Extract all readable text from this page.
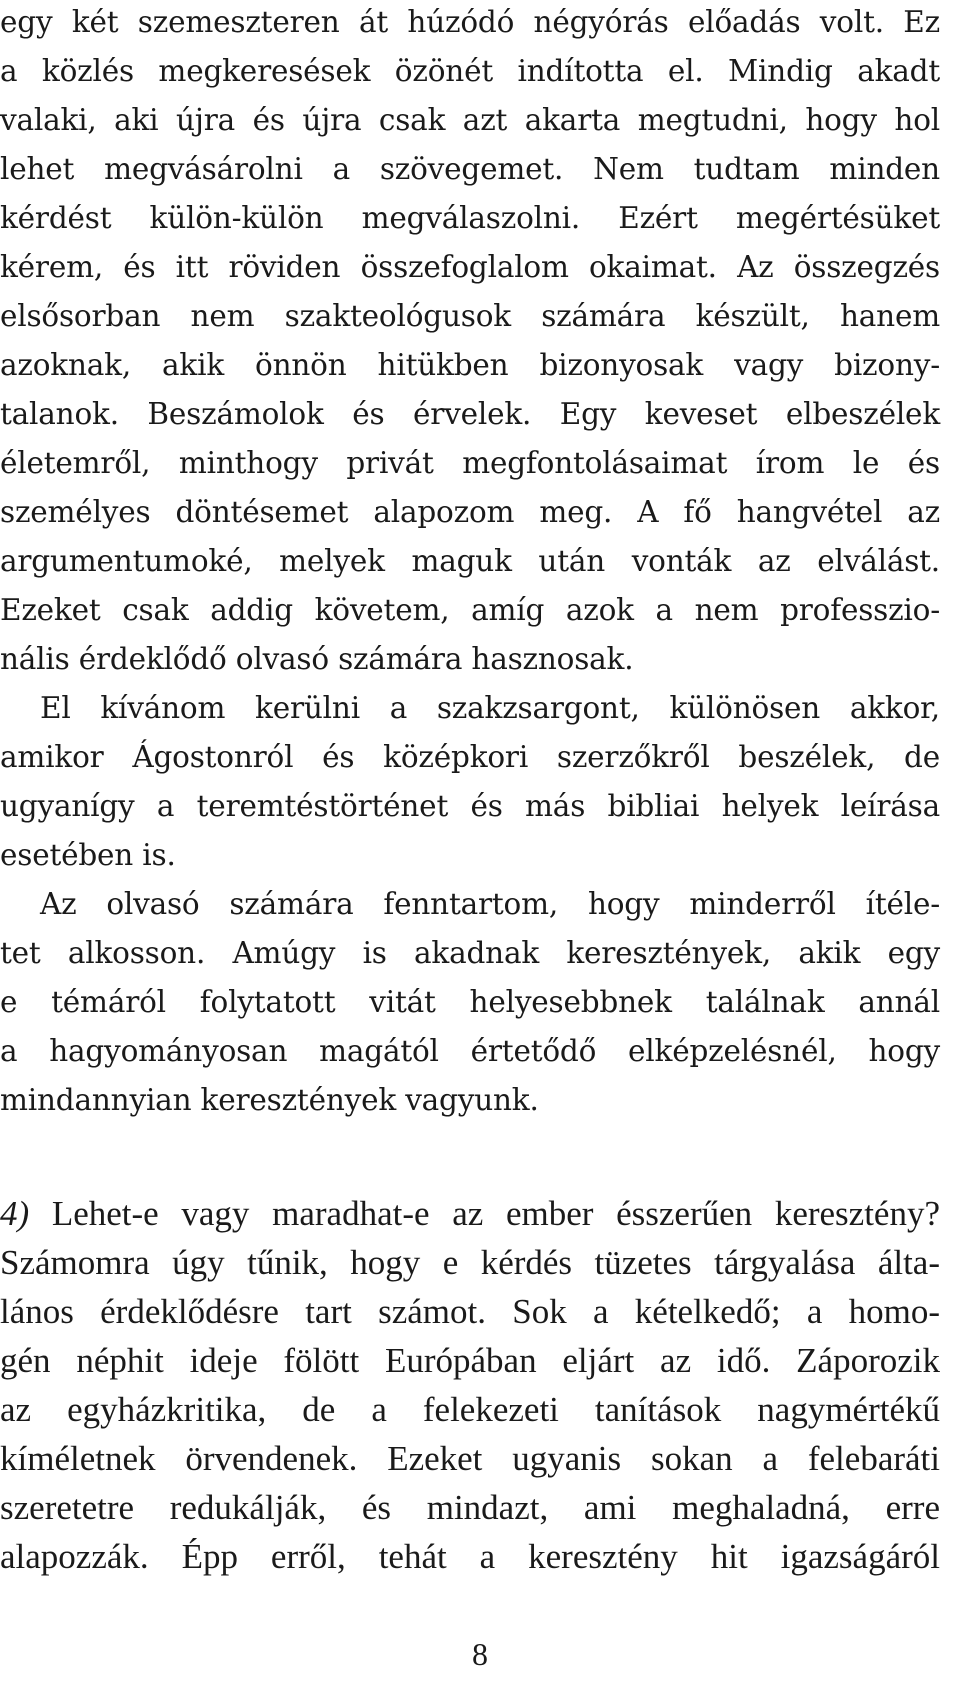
egy két szemeszteren át húzódó négyórás előadás volt. Ez
a közlés megkeresések özönét indította el. Mindig akadt
valaki, aki újra és újra csak azt akarta megtudni, hogy hol
lehet megvásárolni a szövegemet. Nem tudtam minden
kérdést külön-külön megválaszolni. Ezért megértésüket
kérem, és itt röviden összefoglalom okaimat. Az összegzés
elsősorban nem szakteológusok számára készült, hanem
azoknak, akik önnön hitükben bizonyosak vagy bizony-
talanok. Beszámolok és érvelek. Egy keveset elbeszélek
életemről, minthogy privát megfontolásaimat írom le és
személyes döntésemet alapozom meg. A fő hangvétel az
argumentumoké, melyek maguk után vonták az elválást.
Ezeket csak addig követem, amíg azok a nem professzio-
nális érdeklődő olvasó számára hasznosak.
El kívánom kerülni a szakzsargont, különösen akkor,
amikor Ágostonról és középkori szerzőkről beszélek, de
ugyanígy a teremtéstörténet és más bibliai helyek leírása
esetében is.
Az olvasó számára fenntartom, hogy minderről ítéle-
tet alkosson. Amúgy is akadnak keresztények, akik egy
e témáról folytatott vitát helyesebbnek találnak annál
a hagyományosan magától értetődő elképzelésnél, hogy
mindannyian keresztények vagyunk.
4) Lehet-e vagy maradhat-e az ember ésszerűen keresztény?
Számomra úgy tűnik, hogy e kérdés tüzetes tárgyalása álta-
lános érdeklődésre tart számot. Sok a kételkedő; a homo-
gén néphit ideje fölött Európában eljárt az idő. Záporozik
az egyházkritika, de a felekezeti tanítások nagymértékű
kíméletnek örvendenek. Ezeket ugyanis sokan a felebaráti
szeretetre redukálják, és mindazt, ami meghaladná, erre
alapozzák. Épp erről, tehát a keresztény hit igazságáról
8
